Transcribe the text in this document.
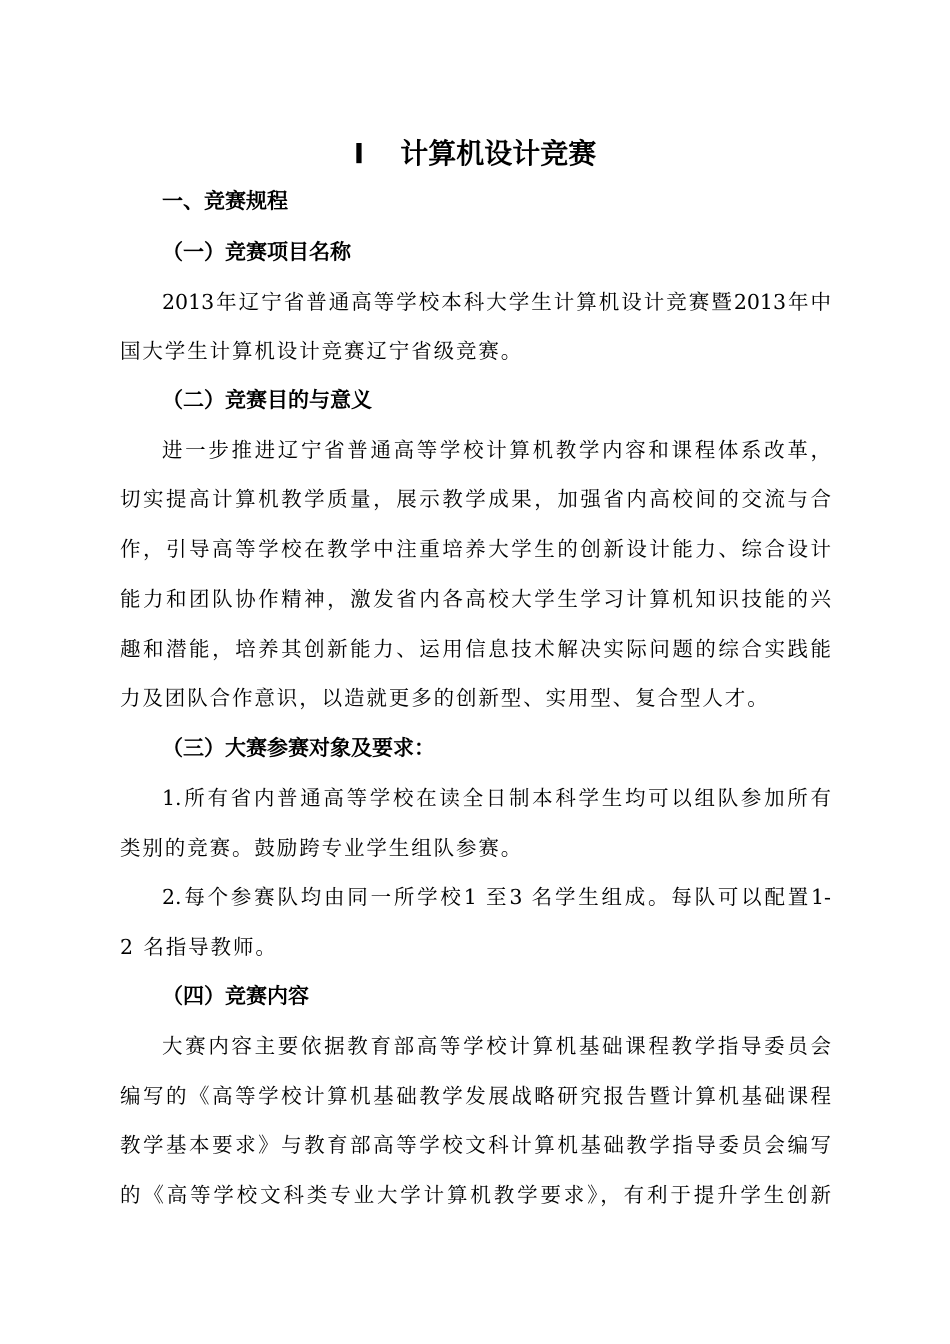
I 计算机设计竞赛
一、竞赛规程
（一）竞赛项目名称
2013年辽宁省普通高等学校本科大学生计算机设计竞赛暨2013年中
国大学生计算机设计竞赛辽宁省级竞赛。
（二）竞赛目的与意义
进一步推进辽宁省普通高等学校计算机教学内容和课程体系改革，
切实提高计算机教学质量，展示教学成果，加强省内高校间的交流与合
作，引导高等学校在教学中注重培养大学生的创新设计能力、综合设计
能力和团队协作精神，激发省内各高校大学生学习计算机知识技能的兴
趣和潜能，培养其创新能力、运用信息技术解决实际问题的综合实践能
力及团队合作意识，以造就更多的创新型、实用型、复合型人才。
（三）大赛参赛对象及要求：
1.所有省内普通高等学校在读全日制本科学生均可以组队参加所有
类别的竞赛。鼓励跨专业学生组队参赛。
2.每个参赛队均由同一所学校1 至3 名学生组成。每队可以配置1-
2 名指导教师。
（四）竞赛内容
大赛内容主要依据教育部高等学校计算机基础课程教学指导委员会
编写的《高等学校计算机基础教学发展战略研究报告暨计算机基础课程
教学基本要求》与教育部高等学校文科计算机基础教学指导委员会编写
的《高等学校文科类专业大学计算机教学要求》，有利于提升学生创新
